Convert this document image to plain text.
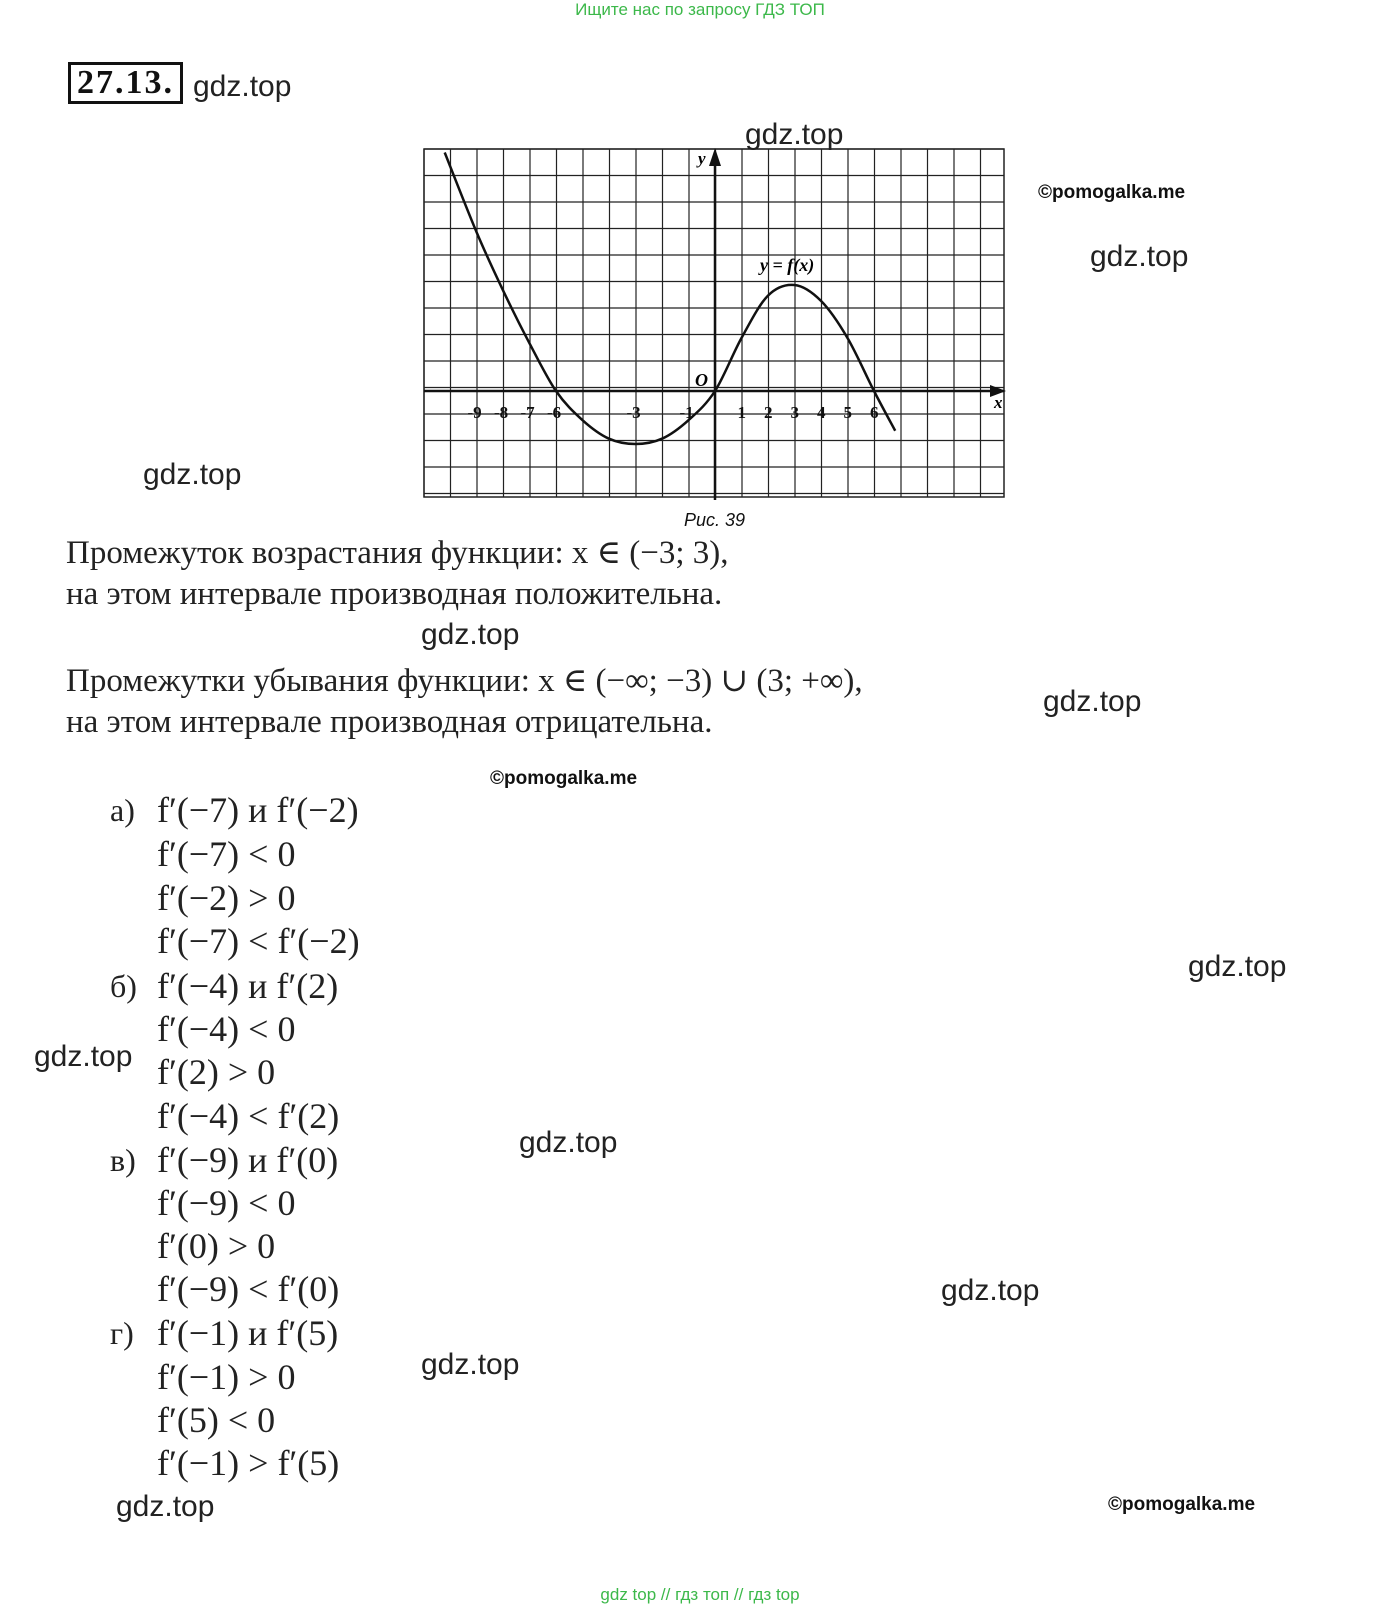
Ищите нас по запросу ГДЗ ТОП
27.13. gdz.top
gdz.top
gdz.top
gdz.top
gdz.top
gdz.top
gdz.top
gdz.top
gdz.top
gdz.top
gdz.top
gdz.top
©pomogalka.me
©pomogalka.me
©pomogalka.me
-9 -8 -7 -6	-3 -1	1 2 3 4 5 6
x
y
O
y = f(x)
Рис. 39
Промежуток возрастания функции: x ∈ (−3; 3),
на этом интервале производная положительна.
Промежутки убывания функции: x ∈ (−∞; −3) ∪ (3; +∞),
на этом интервале производная отрицательна.
а) f′(−7) и f′(−2)
f′(−7) < 0
f′(−2) > 0
f′(−7) < f′(−2)
б) f′(−4) и f′(2)
f′(−4) < 0
f′(2) > 0
f′(−4) < f′(2)
в) f′(−9) и f′(0)
f′(−9) < 0
f′(0) > 0
f′(−9) < f′(0)
г) f′(−1) и f′(5)
f′(−1) > 0
f′(5) < 0
f′(−1) > f′(5)
gdz top // гдз топ // гдз top
